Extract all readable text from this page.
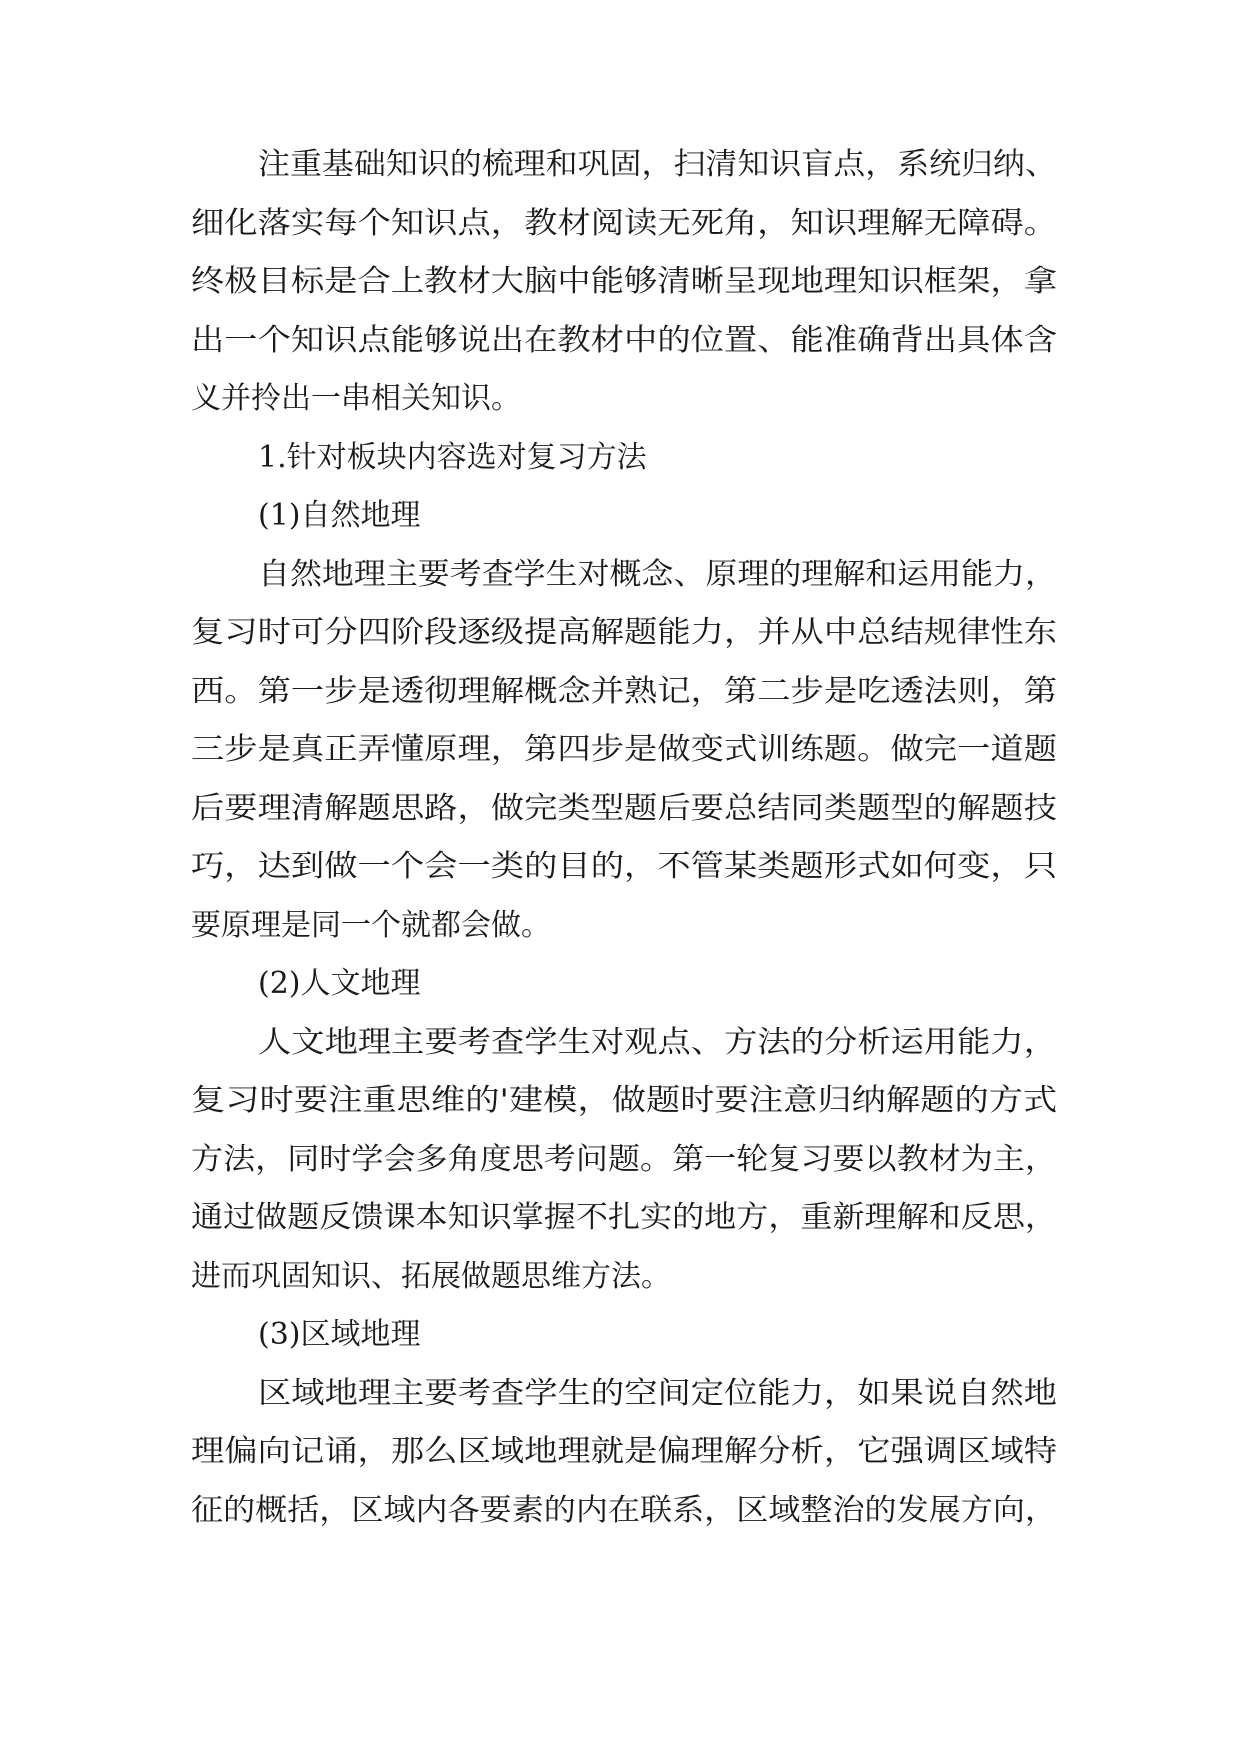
注重基础知识的梳理和巩固，扫清知识盲点，系统归纳、
细化落实每个知识点，教材阅读无死角，知识理解无障碍。
终极目标是合上教材大脑中能够清晰呈现地理知识框架，拿
出一个知识点能够说出在教材中的位置、能准确背出具体含
义并拎出一串相关知识。
1.针对板块内容选对复习方法
(1)自然地理
自然地理主要考查学生对概念、原理的理解和运用能力，
复习时可分四阶段逐级提高解题能力，并从中总结规律性东
西。第一步是透彻理解概念并熟记，第二步是吃透法则，第
三步是真正弄懂原理，第四步是做变式训练题。做完一道题
后要理清解题思路，做完类型题后要总结同类题型的解题技
巧，达到做一个会一类的目的，不管某类题形式如何变，只
要原理是同一个就都会做。
(2)人文地理
人文地理主要考查学生对观点、方法的分析运用能力，
复习时要注重思维的'建模，做题时要注意归纳解题的方式
方法，同时学会多角度思考问题。第一轮复习要以教材为主，
通过做题反馈课本知识掌握不扎实的地方，重新理解和反思，
进而巩固知识、拓展做题思维方法。
(3)区域地理
区域地理主要考查学生的空间定位能力，如果说自然地
理偏向记诵，那么区域地理就是偏理解分析，它强调区域特
征的概括，区域内各要素的内在联系，区域整治的发展方向，
